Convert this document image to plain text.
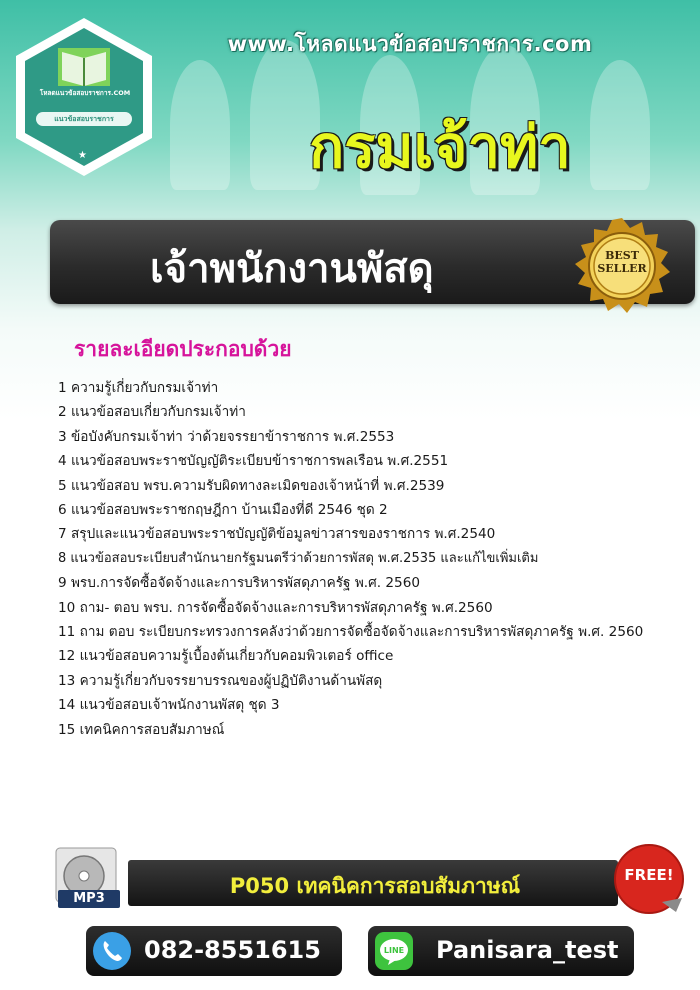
www.โหลดแนวข้อสอบราชการ.com
โหลดแนวข้อสอบราชการ.COM
แนวข้อสอบราชการ
★	กรมเจ้าท่า
เจ้าพนักงานพัสดุ	BEST
SELLER
รายละเอียดประกอบด้วย
1 ความรู้เกี่ยวกับกรมเจ้าท่า
2 แนวข้อสอบเกี่ยวกับกรมเจ้าท่า
3 ข้อบังคับกรมเจ้าท่า ว่าด้วยจรรยาข้าราชการ พ.ศ.2553
4 แนวข้อสอบพระราชบัญญัติระเบียบข้าราชการพลเรือน พ.ศ.2551
5 แนวข้อสอบ พรบ.ความรับผิดทางละเมิดของเจ้าหน้าที่ พ.ศ.2539
6 แนวข้อสอบพระราชกฤษฎีกา บ้านเมืองที่ดี 2546 ชุด 2
7 สรุปและแนวข้อสอบพระราชบัญญัติข้อมูลข่าวสารของราชการ พ.ศ.2540
8 แนวข้อสอบระเบียบสำนักนายกรัฐมนตรีว่าด้วยการพัสดุ พ.ศ.2535 และแก้ไขเพิ่มเติม
9 พรบ.การจัดซื้อจัดจ้างและการบริหารพัสดุภาครัฐ พ.ศ. 2560
10 ถาม- ตอบ พรบ. การจัดซื้อจัดจ้างและการบริหารพัสดุภาครัฐ พ.ศ.2560
11 ถาม ตอบ ระเบียบกระทรวงการคลังว่าด้วยการจัดซื้อจัดจ้างและการบริหารพัสดุภาครัฐ พ.ศ. 2560
12 แนวข้อสอบความรู้เบื้องต้นเกี่ยวกับคอมพิวเตอร์ office
13 ความรู้เกี่ยวกับจรรยาบรรณของผู้ปฏิบัติงานด้านพัสดุ
14 แนวข้อสอบเจ้าพนักงานพัสดุ ชุด 3
15 เทคนิคการสอบสัมภาษณ์
MP3
P050 เทคนิคการสอบสัมภาษณ์	FREE!
082-8551615	LINE	Panisara_test
